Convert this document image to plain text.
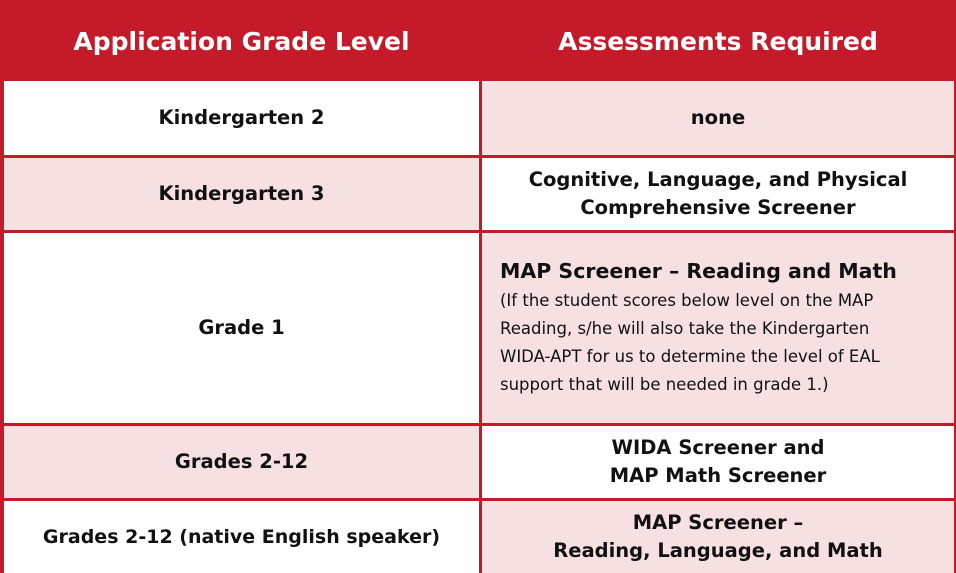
Application Grade Level	Assessments Required
Kindergarten 2	none
Kindergarten 3
Cognitive, Language, and Physical
Comprehensive Screener
Grade 1
MAP Screener – Reading and Math
(If the student scores below level on the MAP
Reading, s/he will also take the Kindergarten
WIDA-APT for us to determine the level of EAL
support that will be needed in grade 1.)
Grades 2-12
WIDA Screener and
MAP Math Screener
Grades 2-12 (native English speaker)
MAP Screener –
Reading, Language, and Math
